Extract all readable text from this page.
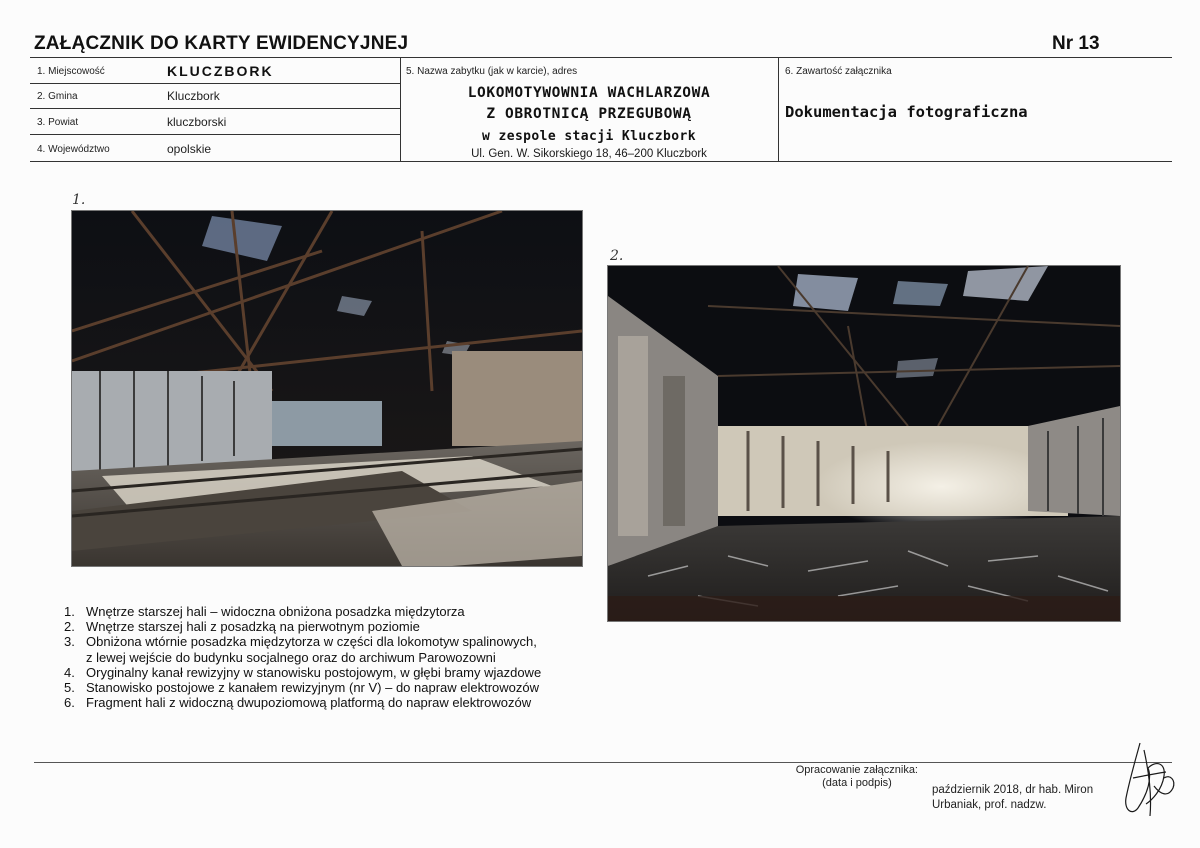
ZAŁĄCZNIK DO KARTY EWIDENCYJNEJ	Nr 13
1. Miejscowość	KLUCZBORK
2. Gmina	Kluczbork
3. Powiat	kluczborski
4. Województwo	opolskie
5. Nazwa zabytku (jak w karcie), adres
LOKOMOTYWOWNIA WACHLARZOWA
Z OBROTNICĄ PRZEGUBOWĄ
w zespole stacji Kluczbork
Ul. Gen. W. Sikorskiego 18, 46–200 Kluczbork
6. Zawartość załącznika
Dokumentacja fotograficzna
1.
2.
1. Wnętrze starszej hali – widoczna obniżona posadzka międzytorza
2. Wnętrze starszej hali z posadzką na pierwotnym poziomie
3. Obniżona wtórnie posadzka międzytorza w części dla lokomotyw spalinowych,
z lewej wejście do budynku socjalnego oraz do archiwum Parowozowni
4. Oryginalny kanał rewizyjny w stanowisku postojowym, w głębi bramy wjazdowe
5. Stanowisko postojowe z kanałem rewizyjnym (nr V) – do napraw elektrowozów
6. Fragment hali z widoczną dwupoziomową platformą do napraw elektrowozów
Opracowanie załącznika:
(data i podpis)
październik 2018, dr hab. Miron
Urbaniak, prof. nadzw.
